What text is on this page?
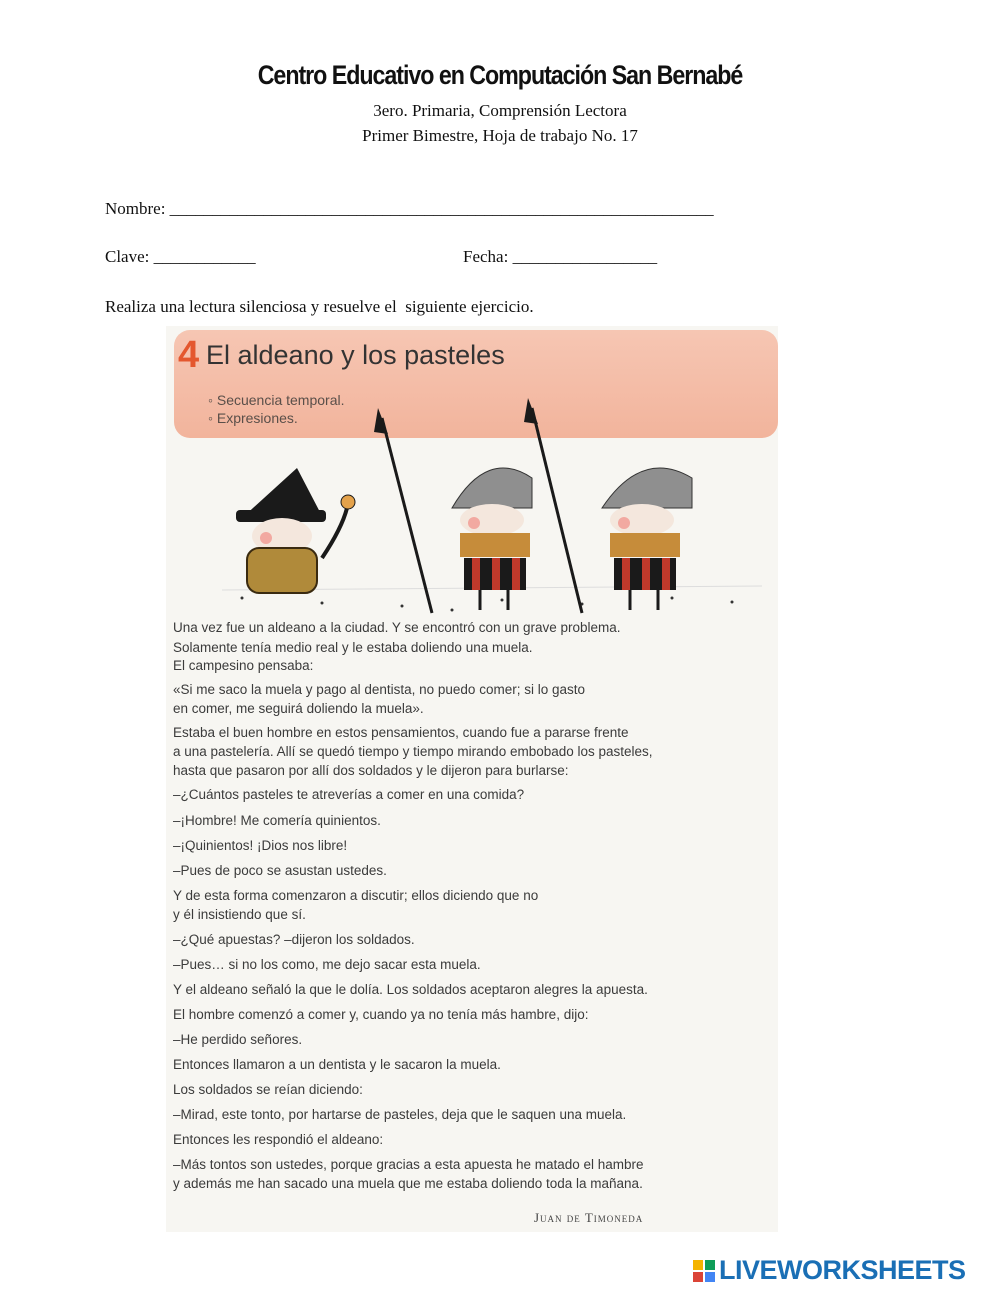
Centro Educativo en Computación San Bernabé
3ero. Primaria, Comprensión Lectora
Primer Bimestre, Hoja de trabajo No. 17
Nombre: ________________________________________________________________
Clave: ____________	Fecha: _________________
Realiza una lectura silenciosa y resuelve el  siguiente ejercicio.
4 El aldeano y los pasteles
◦ Secuencia temporal.
◦ Expresiones.
Una vez fue un aldeano a la ciudad. Y se encontró con un grave problema.
Solamente tenía medio real y le estaba doliendo una muela.
El campesino pensaba:
«Si me saco la muela y pago al dentista, no puedo comer; si lo gasto
en comer, me seguirá doliendo la muela».
Estaba el buen hombre en estos pensamientos, cuando fue a pararse frente
a una pastelería. Allí se quedó tiempo y tiempo mirando embobado los pasteles,
hasta que pasaron por allí dos soldados y le dijeron para burlarse:
–¿Cuántos pasteles te atreverías a comer en una comida?
–¡Hombre! Me comería quinientos.
–¡Quinientos! ¡Dios nos libre!
–Pues de poco se asustan ustedes.
Y de esta forma comenzaron a discutir; ellos diciendo que no
y él insistiendo que sí.
–¿Qué apuestas? –dijeron los soldados.
–Pues… si no los como, me dejo sacar esta muela.
Y el aldeano señaló la que le dolía. Los soldados aceptaron alegres la apuesta.
El hombre comenzó a comer y, cuando ya no tenía más hambre, dijo:
–He perdido señores.
Entonces llamaron a un dentista y le sacaron la muela.
Los soldados se reían diciendo:
–Mirad, este tonto, por hartarse de pasteles, deja que le saquen una muela.
Entonces les respondió el aldeano:
–Más tontos son ustedes, porque gracias a esta apuesta he matado el hambre
y además me han sacado una muela que me estaba doliendo toda la mañana.
Juan de Timoneda
LIVEWORKSHEETS
